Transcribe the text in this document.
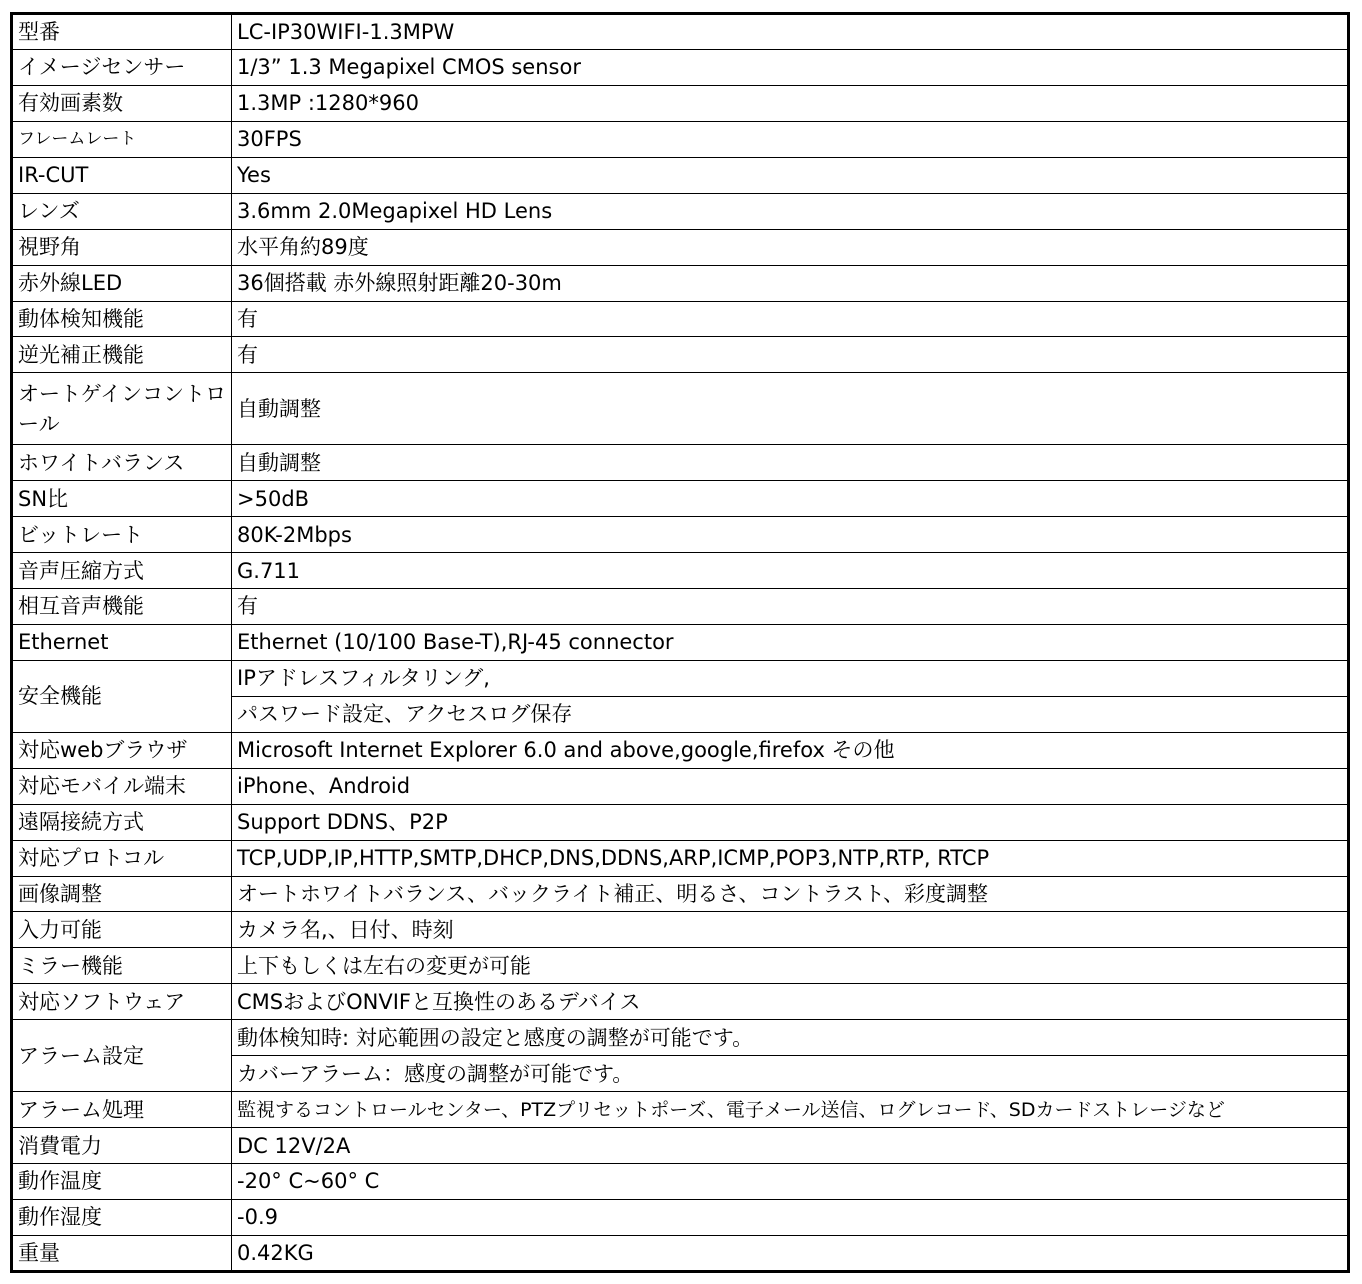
型番	LC-IP30WIFI-1.3MPW
イメージセンサー	1/3” 1.3 Megapixel CMOS sensor
有効画素数	1.3MP :1280*960
フレームレート	30FPS
IR-CUT	Yes
レンズ	3.6mm 2.0Megapixel HD Lens
視野角	水平角約89度
赤外線LED	36個搭載 赤外線照射距離20-30m
動体検知機能	有
逆光補正機能	有
オートゲインコントロール	自動調整
ホワイトバランス	自動調整
SN比	>50dB
ビットレート	80K-2Mbps
音声圧縮方式	G.711
相互音声機能	有
Ethernet	Ethernet (10/100 Base-T),RJ-45 connector
安全機能	IPアドレスフィルタリング,
	パスワード設定、アクセスログ保存
対応webブラウザ	Microsoft Internet Explorer 6.0 and above,google,firefox その他
対応モバイル端末	iPhone、Android
遠隔接続方式	Support DDNS、P2P
対応プロトコル	TCP,UDP,IP,HTTP,SMTP,DHCP,DNS,DDNS,ARP,ICMP,POP3,NTP,RTP, RTCP
画像調整	オートホワイトバランス、バックライト補正、明るさ、コントラスト、彩度調整
入力可能	カメラ名,、日付、時刻
ミラー機能	上下もしくは左右の変更が可能
対応ソフトウェア	CMSおよびONVIFと互換性のあるデバイス
アラーム設定	動体検知時: 対応範囲の設定と感度の調整が可能です。
	カバーアラーム：感度の調整が可能です。
アラーム処理	監視するコントロールセンター、PTZプリセットポーズ、電子メール送信、ログレコード、SDカードストレージなど
消費電力	DC 12V/2A
動作温度	-20° C~60° C
動作湿度	-0.9
重量	0.42KG
